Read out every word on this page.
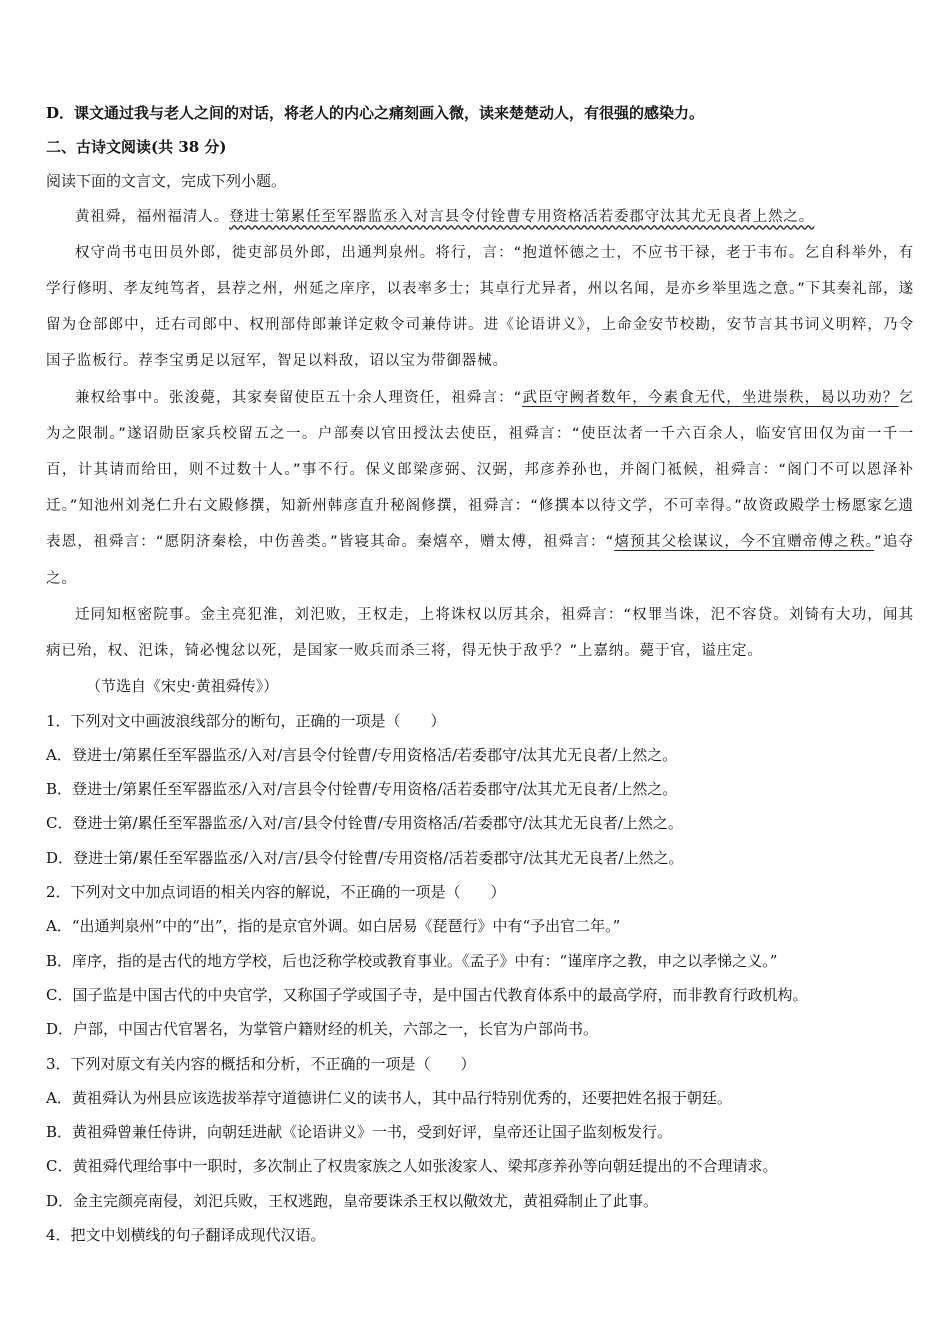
D．课文通过我与老人之间的对话，将老人的内心之痛刻画入微，读来楚楚动人，有很强的感染力。
二、古诗文阅读(共 38 分)
阅读下面的文言文，完成下列小题。
黄祖舜，福州福清人。登进士第累任至军器监丞入对言县令付铨曹专用资格㓉若委郡守汰其尤无良者上然之。
权守尚书屯田员外郎，徙吏部员外郎，出通判泉州。将行，言：“抱道怀德之士，不应书干禄，老于韦布。乞自科举外，有学行修明、孝友纯笃者，县荐之州，州延之庠序，以表率多士；其卓行尤异者，州以名闻，是亦乡举里选之意。”下其奏礼部，遂留为仓部郎中，迁右司郎中、权刑部侍郎兼详定敕令司兼侍讲。进《论语讲义》，上命金安节校勘，安节言其书词义明粹，乃令国子监板行。荐李宝勇足以冠军，智足以料敌，诏以宝为带御器械。
兼权给事中。张浚薨，其家奏留使臣五十余人理资任，祖舜言：“武臣守阙者数年，今素食无代，坐进崇秩，曷以功劝？乞为之限制。”遂诏勋臣家兵校留五之一。户部奏以官田授汰去使臣，祖舜言：“使臣汰者一千六百余人，临安官田仅为亩一千一百，计其请而给田，则不过数十人。”事不行。保义郎梁彦弼、汉弼，邦彦养孙也，并阁门祗候，祖舜言：“阁门不可以恩泽补迁。”知池州刘尧仁升右文殿修撰，知新州韩彦直升秘阁修撰，祖舜言：“修撰本以待文学，不可幸得。”故资政殿学士杨愿家乞遗表恩，祖舜言：“愿阴济秦桧，中伤善类。”皆寝其命。秦熺卒，赠太傅，祖舜言：“熺预其父桧谋议，今不宜赠帝傅之秩。”追夺之。
迁同知枢密院事。金主亮犯淮，刘汜败，王权走，上将诛权以厉其余，祖舜言：“权罪当诛，汜不容贷。刘锜有大功，闻其病已殆，权、汜诛，锜必愧忿以死，是国家一败兵而杀三将，得无快于敌乎？”上嘉纳。薨于官，谥庄定。
（节选自《宋史·黄祖舜传》）
1．下列对文中画波浪线部分的断句，正确的一项是（　　）
A．登进士/第累任至军器监丞/入对/言县令付铨曹/专用资格㓉/若委郡守/汰其尤无良者/上然之。
B．登进士/第累任至军器监丞/入对/言县令付铨曹/专用资格/㓉若委郡守/汰其尤无良者/上然之。
C．登进士第/累任至军器监丞/入对/言/县令付铨曹/专用资格㓉/若委郡守/汰其尤无良者/上然之。
D．登进士第/累任至军器监丞/入对/言/县令付铨曹/专用资格/㓉若委郡守/汰其尤无良者/上然之。
2．下列对文中加点词语的相关内容的解说，不正确的一项是（　　）
A．“出通判泉州”中的“出”，指的是京官外调。如白居易《琵琶行》中有“予出官二年。”
B．庠序，指的是古代的地方学校，后也泛称学校或教育事业。《孟子》中有：“谨庠序之教，申之以孝悌之义。”
C．国子监是中国古代的中央官学，又称国子学或国子寺，是中国古代教育体系中的最高学府，而非教育行政机构。
D．户部，中国古代官署名，为掌管户籍财经的机关，六部之一，长官为户部尚书。
3．下列对原文有关内容的概括和分析，不正确的一项是（　　）
A．黄祖舜认为州县应该选拔举荐守道德讲仁义的读书人，其中品行特别优秀的，还要把姓名报于朝廷。
B．黄祖舜曾兼任侍讲，向朝廷进献《论语讲义》一书，受到好评，皇帝还让国子监刻板发行。
C．黄祖舜代理给事中一职时，多次制止了权贵家族之人如张浚家人、梁邦彦养孙等向朝廷提出的不合理请求。
D．金主完颜亮南侵，刘汜兵败，王权逃跑，皇帝要诛杀王权以儆效尤，黄祖舜制止了此事。
4．把文中划横线的句子翻译成现代汉语。
